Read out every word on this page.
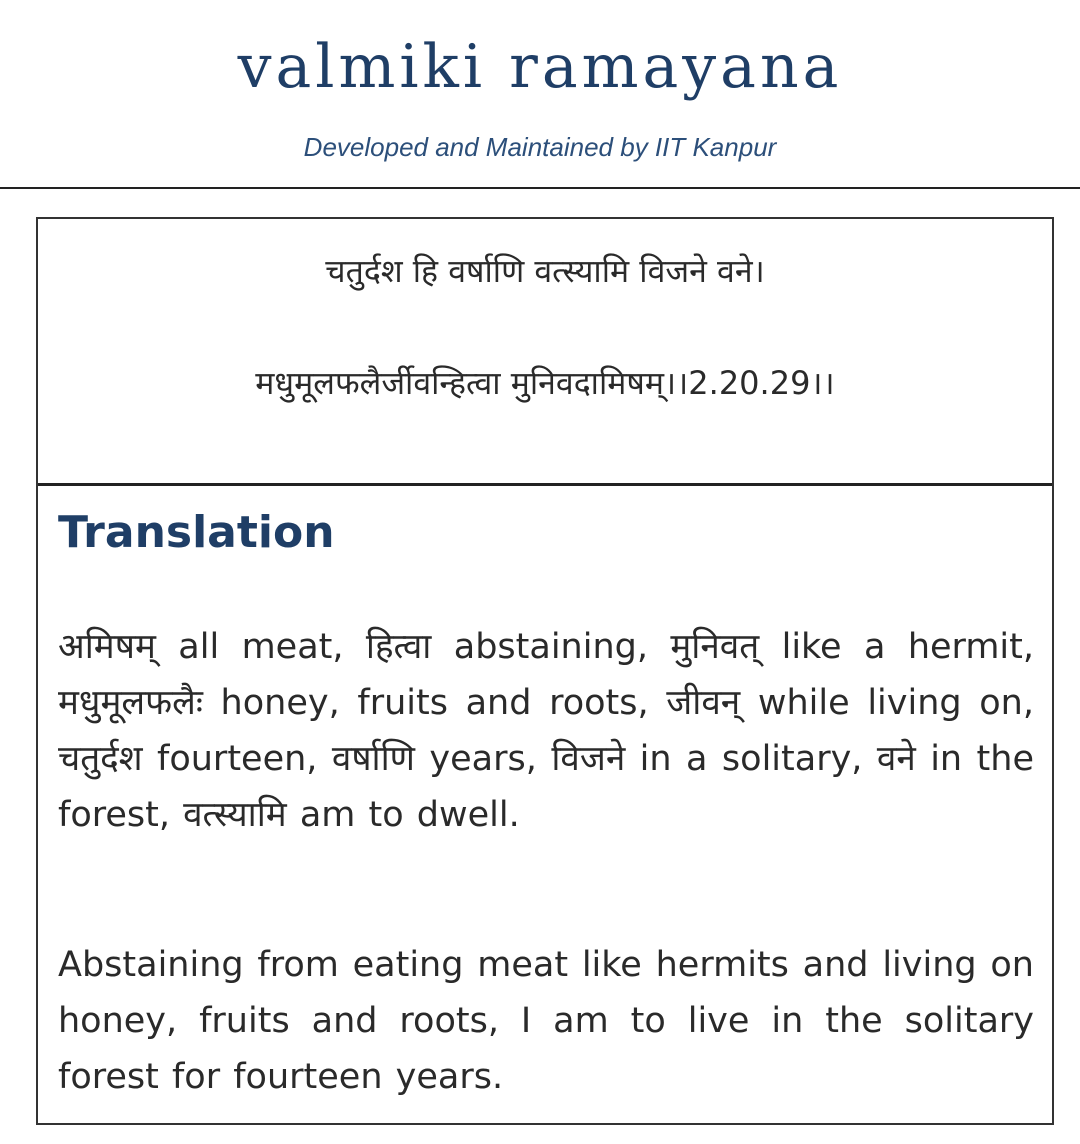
valmiki ramayana
Developed and Maintained by IIT Kanpur
चतुर्दश हि वर्षाणि वत्स्यामि विजने वने।
मधुमूलफलैर्जीवन्हित्वा मुनिवदामिषम्।।2.20.29।।
Translation

अमिषम् all meat, हित्वा abstaining, मुनिवत् like a hermit, मधुमूलफलैः honey, fruits and roots, जीवन् while living on, चतुर्दश fourteen, वर्षाणि years, विजने in a solitary, वने in the forest, वत्स्यामि am to dwell.

Abstaining from eating meat like hermits and living on honey, fruits and roots, I am to live in the solitary forest for fourteen years.
